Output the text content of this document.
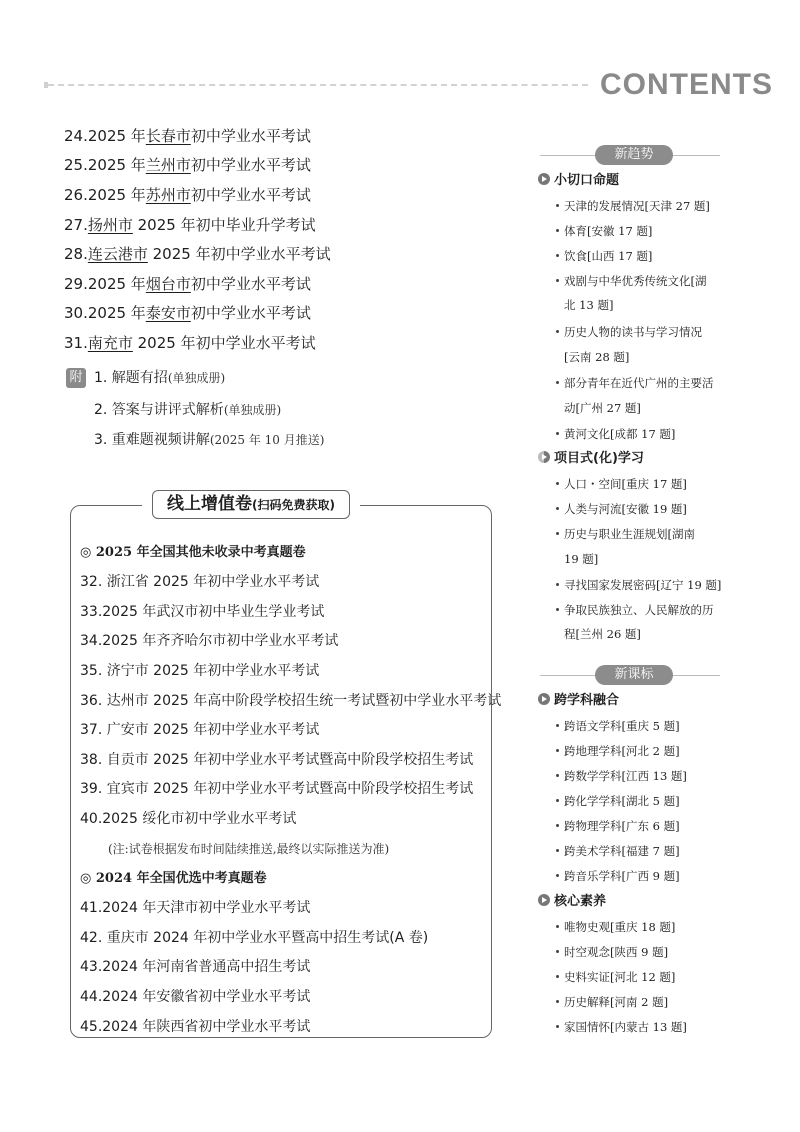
CONTENTS
24.2025 年长春市初中学业水平考试
25.2025 年兰州市初中学业水平考试
26.2025 年苏州市初中学业水平考试
27.扬州市 2025 年初中毕业升学考试
28.连云港市 2025 年初中学业水平考试
29.2025 年烟台市初中学业水平考试
30.2025 年泰安市初中学业水平考试
31.南充市 2025 年初中学业水平考试
附 1. 解题有招(单独成册)
2. 答案与讲评式解析(单独成册)
3. 重难题视频讲解(2025 年 10 月推送)
线上增值卷(扫码免费获取)
◎ 2025 年全国其他未收录中考真题卷
32. 浙江省 2025 年初中学业水平考试
33.2025 年武汉市初中毕业生学业考试
34.2025 年齐齐哈尔市初中学业水平考试
35. 济宁市 2025 年初中学业水平考试
36. 达州市 2025 年高中阶段学校招生统一考试暨初中学业水平考试
37. 广安市 2025 年初中学业水平考试
38. 自贡市 2025 年初中学业水平考试暨高中阶段学校招生考试
39. 宜宾市 2025 年初中学业水平考试暨高中阶段学校招生考试
40.2025 绥化市初中学业水平考试
(注:试卷根据发布时间陆续推送,最终以实际推送为准)
◎ 2024 年全国优选中考真题卷
41.2024 年天津市初中学业水平考试
42. 重庆市 2024 年初中学业水平暨高中招生考试(A 卷)
43.2024 年河南省普通高中招生考试
44.2024 年安徽省初中学业水平考试
45.2024 年陕西省初中学业水平考试
新趋势
小切口命题
天津的发展情况[天津 27 题]
体育[安徽 17 题]
饮食[山西 17 题]
戏剧与中华优秀传统文化[湖
北 13 题]
历史人物的读书与学习情况
[云南 28 题]
部分青年在近代广州的主要活
动[广州 27 题]
黄河文化[成都 17 题]
项目式(化)学习
人口・空间[重庆 17 题]
人类与河流[安徽 19 题]
历史与职业生涯规划[湖南
19 题]
寻找国家发展密码[辽宁 19 题]
争取民族独立、人民解放的历
程[兰州 26 题]
新课标
跨学科融合
跨语文学科[重庆 5 题]
跨地理学科[河北 2 题]
跨数学学科[江西 13 题]
跨化学学科[湖北 5 题]
跨物理学科[广东 6 题]
跨美术学科[福建 7 题]
跨音乐学科[广西 9 题]
核心素养
唯物史观[重庆 18 题]
时空观念[陕西 9 题]
史料实证[河北 12 题]
历史解释[河南 2 题]
家国情怀[内蒙古 13 题]
